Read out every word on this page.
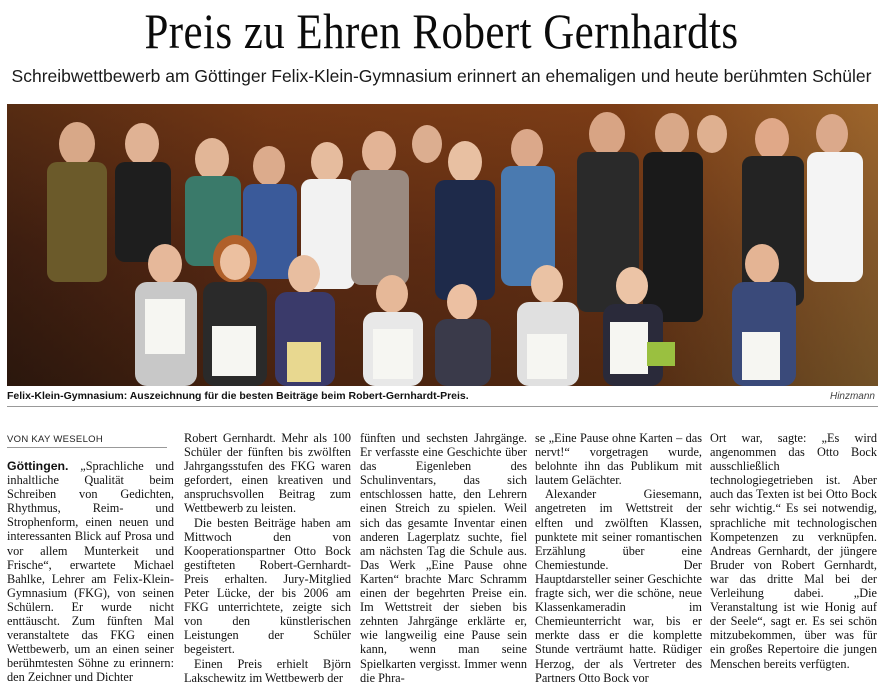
Preis zu Ehren Robert Gernhardts
Schreibwettbewerb am Göttinger Felix-Klein-Gymnasium erinnert an ehemaligen und heute berühmten Schüler
Felix-Klein-Gymnasium: Auszeichnung für die besten Beiträge beim Robert-Gernhardt-Preis.	Hinzmann
VON KAY WESELOH

Göttingen. „Sprachliche und inhaltliche Qualität beim Schreiben von Gedichten, Rhythmus, Reim- und Strophenform, einen neuen und interessanten Blick auf Prosa und vor allem Munterkeit und Frische“, erwartete Michael Bahlke, Lehrer am Felix-Klein-Gymnasium (FKG), von seinen Schülern. Er wurde nicht enttäuscht. Zum fünften Mal veranstaltete das FKG einen Wettbewerb, um an einen seiner berühmtesten Söhne zu erinnern: den Zeichner und Dichter

Robert Gernhardt. Mehr als 100 Schüler der fünften bis zwölften Jahrgangsstufen des FKG waren gefordert, einen kreativen und anspruchsvollen Beitrag zum Wettbewerb zu leisten.

Die besten Beiträge haben am Mittwoch den von Kooperationspartner Otto Bock gestifteten Robert-Gernhardt-Preis erhalten. Jury-Mitglied Peter Lücke, der bis 2006 am FKG unterrichtete, zeigte sich von den künstlerischen Leistungen der Schüler begeistert.

Einen Preis erhielt Björn Lakschewitz im Wettbewerb der

fünften und sechsten Jahrgänge. Er verfasste eine Geschichte über das Eigenleben des Schulinventars, das sich entschlossen hatte, den Lehrern einen Streich zu spielen. Weil sich das gesamte Inventar einen anderen Lagerplatz suchte, fiel am nächsten Tag die Schule aus. Das Werk „Eine Pause ohne Karten“ brachte Marc Schramm einen der begehrten Preise ein. Im Wettstreit der sieben bis zehnten Jahrgänge erklärte er, wie langweilig eine Pause sein kann, wenn man seine Spielkarten vergisst. Immer wenn die Phra-

se „Eine Pause ohne Karten – das nervt!“ vorgetragen wurde, belohnte ihn das Publikum mit lautem Gelächter.

Alexander Giesemann, angetreten im Wettstreit der elften und zwölften Klassen, punktete mit seiner romantischen Erzählung über eine Chemiestunde. Der Hauptdarsteller seiner Geschichte fragte sich, wer die schöne, neue Klassenkameradin im Chemieunterricht war, bis er merkte dass er die komplette Stunde verträumt hatte. Rüdiger Herzog, der als Vertreter des Partners Otto Bock vor

Ort war, sagte: „Es wird angenommen das Otto Bock ausschließlich technologiegetrieben ist. Aber auch das Texten ist bei Otto Bock sehr wichtig.“ Es sei notwendig, sprachliche mit technologischen Kompetenzen zu verknüpfen. Andreas Gernhardt, der jüngere Bruder von Robert Gernhardt, war das dritte Mal bei der Verleihung dabei. „Die Veranstaltung ist wie Honig auf der Seele“, sagt er. Es sei schön mitzubekommen, über was für ein großes Repertoire die jungen Menschen bereits verfügten.
